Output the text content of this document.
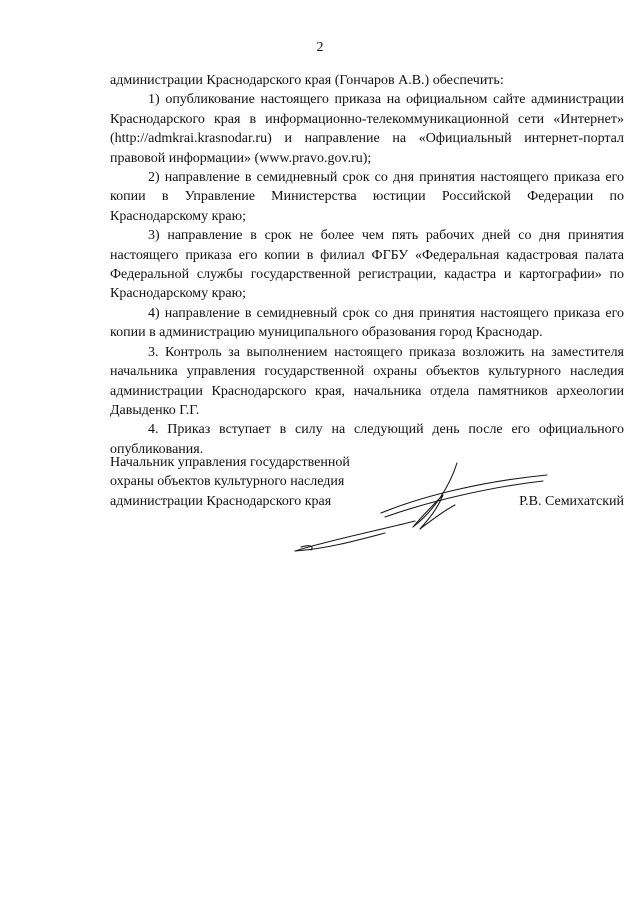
2

администрации Краснодарского края (Гончаров А.В.) обеспечить:

1) опубликование настоящего приказа на официальном сайте администрации Краснодарского края в информационно-телекоммуникационной сети «Интернет» (http://admkrai.krasnodar.ru) и направление на «Официальный интернет-портал правовой информации» (www.pravo.gov.ru);

2) направление в семидневный срок со дня принятия настоящего приказа его копии в Управление Министерства юстиции Российской Федерации по Краснодарскому краю;

3) направление в срок не более чем пять рабочих дней со дня принятия настоящего приказа его копии в филиал ФГБУ «Федеральная кадастровая палата Федеральной службы государственной регистрации, кадастра и картографии» по Краснодарскому краю;

4) направление в семидневный срок со дня принятия настоящего приказа его копии в администрацию муниципального образования город Краснодар.

3. Контроль за выполнением настоящего приказа возложить на заместителя начальника управления государственной охраны объектов культурного наследия администрации Краснодарского края, начальника отдела памятников археологии Давыденко Г.Г.

4. Приказ вступает в силу на следующий день после его официального опубликования.

Начальник управления государственной
охраны объектов культурного наследия
администрации Краснодарского края	Р.В. Семихатский
